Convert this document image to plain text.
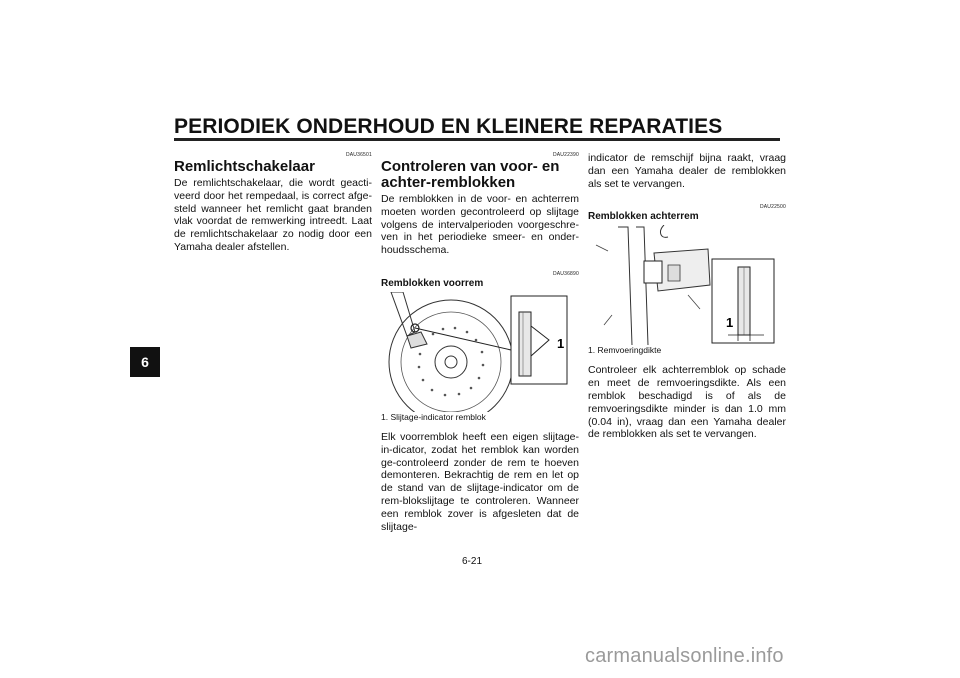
PERIODIEK ONDERHOUD EN KLEINERE REPARATIES
6
DAU36501
Remlichtschakelaar

De remlichtschakelaar, die wordt geacti-veerd door het rempedaal, is correct afge-steld wanneer het remlicht gaat branden vlak voordat de remwerking intreedt. Laat de remlichtschakelaar zo nodig door een Yamaha dealer afstellen.

DAU22390
Controleren van voor- en achter-remblokken

De remblokken in de voor- en achterrem moeten worden gecontroleerd op slijtage volgens de intervalperioden voorgeschre-ven in het periodieke smeer- en onder-houdsschema.

DAU36890
Remblokken voorrem
1

1. Slijtage-indicator remblok

Elk voorremblok heeft een eigen slijtage-in-dicator, zodat het remblok kan worden ge-controleerd zonder de rem te hoeven demonteren. Bekrachtig de rem en let op de stand van de slijtage-indicator om de rem-blokslijtage te controleren. Wanneer een remblok zover is afgesleten dat de slijtage-

indicator de remschijf bijna raakt, vraag dan een Yamaha dealer de remblokken als set te vervangen.

DAU22500
Remblokken achterrem
1

1. Remvoeringdikte

Controleer elk achterremblok op schade en meet de remvoeringsdikte. Als een remblok beschadigd is of als de remvoeringsdikte minder is dan 1.0 mm (0.04 in), vraag dan een Yamaha dealer de remblokken als set te vervangen.

6-21
carmanualsonline.info
